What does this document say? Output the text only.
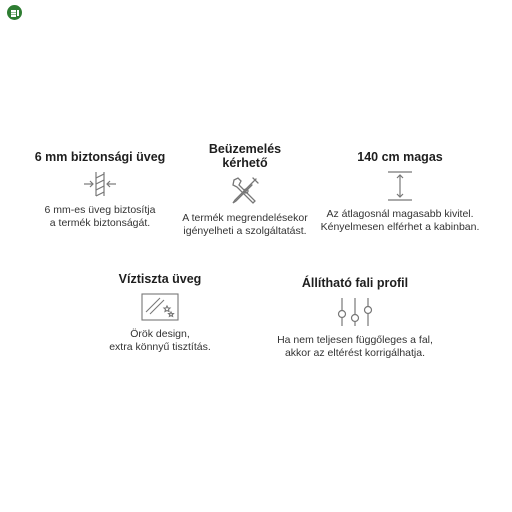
6 mm biztonsági üveg
6 mm-es üveg biztosítja
a termék biztonságát.
Beüzemelés
kérhető
A termék megrendelésekor
igényelheti a szolgáltatást.
140 cm magas
Az átlagosnál magasabb kivitel.
Kényelmesen elférhet a kabinban.
Víztiszta üveg
Örök design,
extra könnyű tisztítás.
Állítható fali profil
Ha nem teljesen függőleges a fal,
akkor az eltérést korrigálhatja.
